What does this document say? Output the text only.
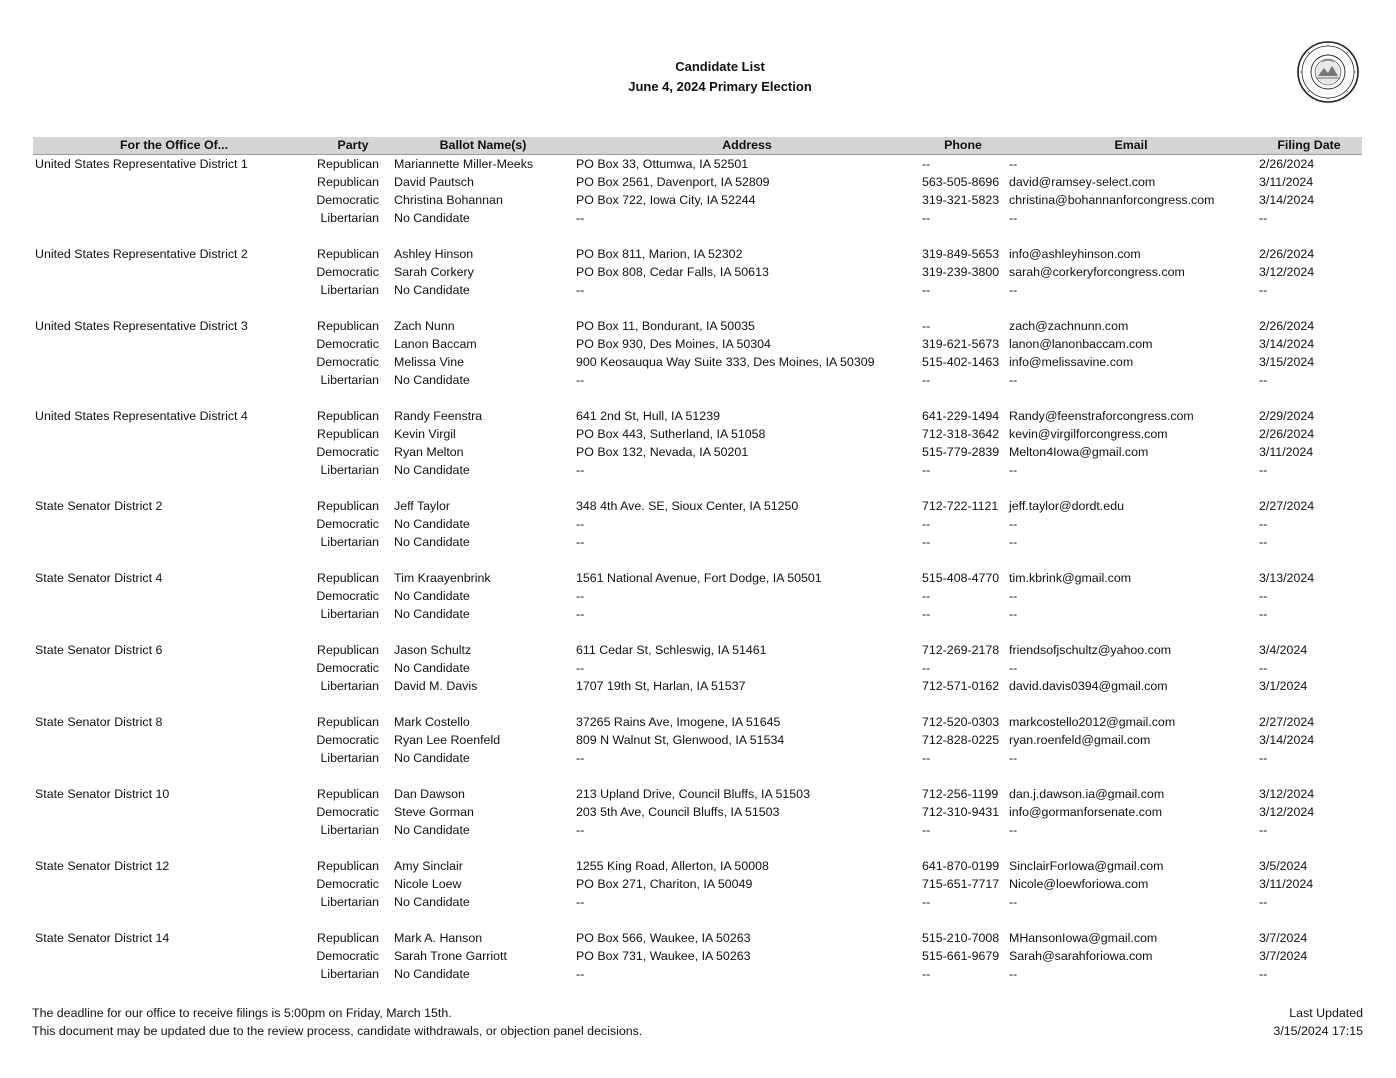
Candidate List
June 4, 2024 Primary Election
For the Office Of...	Party	Ballot Name(s)	Address	Phone	Email	Filing Date
United States Representative District 1	Republican Mariannette Miller-Meeks	PO Box 33, Ottumwa, IA 52501	--	--	2/26/2024
Republican David Pautsch	PO Box 2561, Davenport, IA 52809	563-505-8696 david@ramsey-select.com	3/11/2024
Democratic Christina Bohannan	PO Box 722, Iowa City, IA 52244	319-321-5823 christina@bohannanforcongress.com	3/14/2024
Libertarian No Candidate	--	--	--	--
United States Representative District 2	Republican Ashley Hinson	PO Box 811, Marion, IA 52302	319-849-5653 info@ashleyhinson.com	2/26/2024
Democratic Sarah Corkery	PO Box 808, Cedar Falls, IA 50613	319-239-3800 sarah@corkeryforcongress.com	3/12/2024
Libertarian No Candidate	--	--	--	--
United States Representative District 3	Republican Zach Nunn	PO Box 11, Bondurant, IA 50035	--	zach@zachnunn.com	2/26/2024
Democratic Lanon Baccam	PO Box 930, Des Moines, IA 50304	319-621-5673 lanon@lanonbaccam.com	3/14/2024
Democratic Melissa Vine	900 Keosauqua Way Suite 333, Des Moines, IA 50309	515-402-1463 info@melissavine.com	3/15/2024
Libertarian No Candidate	--	--	--	--
United States Representative District 4	Republican Randy Feenstra	641 2nd St, Hull, IA 51239	641-229-1494 Randy@feenstraforcongress.com	2/29/2024
Republican Kevin Virgil	PO Box 443, Sutherland, IA 51058	712-318-3642 kevin@virgilforcongress.com	2/26/2024
Democratic Ryan Melton	PO Box 132, Nevada, IA 50201	515-779-2839 Melton4Iowa@gmail.com	3/11/2024
Libertarian No Candidate	--	--	--	--
State Senator District 2	Republican Jeff Taylor	348 4th Ave. SE, Sioux Center, IA 51250	712-722-1121 jeff.taylor@dordt.edu	2/27/2024
Democratic No Candidate	--	--	--	--
Libertarian No Candidate	--	--	--	--
State Senator District 4	Republican Tim Kraayenbrink	1561 National Avenue, Fort Dodge, IA 50501	515-408-4770 tim.kbrink@gmail.com	3/13/2024
Democratic No Candidate	--	--	--	--
Libertarian No Candidate	--	--	--	--
State Senator District 6	Republican Jason Schultz	611 Cedar St, Schleswig, IA 51461	712-269-2178 friendsofjschultz@yahoo.com	3/4/2024
Democratic No Candidate	--	--	--	--
Libertarian David M. Davis	1707 19th St, Harlan, IA 51537	712-571-0162 david.davis0394@gmail.com	3/1/2024
State Senator District 8	Republican Mark Costello	37265 Rains Ave, Imogene, IA 51645	712-520-0303 markcostello2012@gmail.com	2/27/2024
Democratic Ryan Lee Roenfeld	809 N Walnut St, Glenwood, IA 51534	712-828-0225 ryan.roenfeld@gmail.com	3/14/2024
Libertarian No Candidate	--	--	--	--
State Senator District 10	Republican Dan Dawson	213 Upland Drive, Council Bluffs, IA 51503	712-256-1199 dan.j.dawson.ia@gmail.com	3/12/2024
Democratic Steve Gorman	203 5th Ave, Council Bluffs, IA 51503	712-310-9431 info@gormanforsenate.com	3/12/2024
Libertarian No Candidate	--	--	--	--
State Senator District 12	Republican Amy Sinclair	1255 King Road, Allerton, IA 50008	641-870-0199 SinclairForIowa@gmail.com	3/5/2024
Democratic Nicole Loew	PO Box 271, Chariton, IA 50049	715-651-7717 Nicole@loewforiowa.com	3/11/2024
Libertarian No Candidate	--	--	--	--
State Senator District 14	Republican Mark A. Hanson	PO Box 566, Waukee, IA 50263	515-210-7008 MHansonIowa@gmail.com	3/7/2024
Democratic Sarah Trone Garriott	PO Box 731, Waukee, IA 50263	515-661-9679 Sarah@sarahforiowa.com	3/7/2024
Libertarian No Candidate	--	--	--	--
The deadline for our office to receive filings is 5:00pm on Friday, March 15th.
This document may be updated due to the review process, candidate withdrawals, or objection panel decisions.
Last Updated
3/15/2024 17:15
